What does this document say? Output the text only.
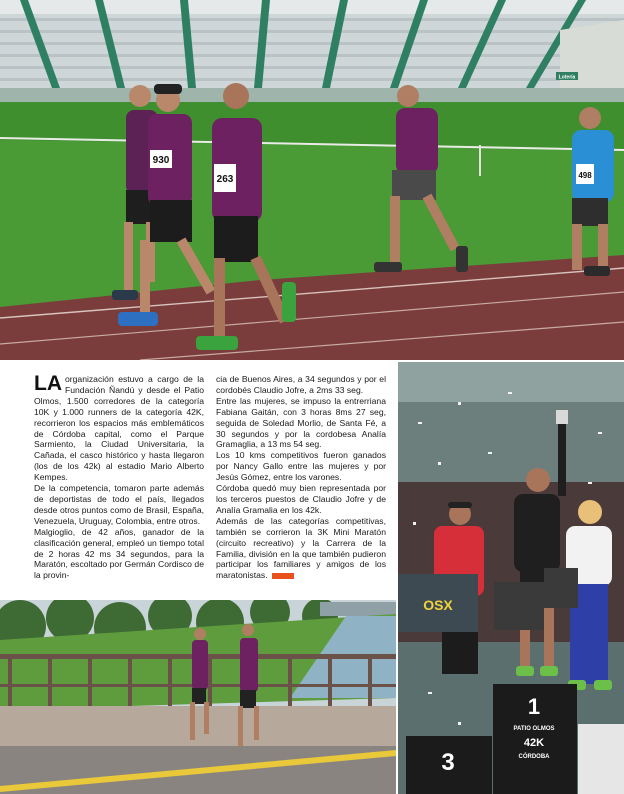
Lotería
930
263	498

LA organización estuvo a cargo de la Fundación Ñandú y desde el Patio Olmos, 1.500 corredores de la categoría 10K y 1.000 runners de la categoría 42K, recorrieron los espacios más emblemáticos de Córdoba capital, como el Parque Sarmiento, la Ciudad Universitaria, la Cañada, el casco histórico y hasta llegaron (los de los 42k) al estadio Mario Alberto Kempes.

De la competencia, tomaron parte además de deportistas de todo el país, llegados desde otros puntos como de Brasil, España, Venezuela, Uruguay, Colombia, entre otros.

Malgioglio, de 42 años, ganador de la clasificación general, empleó un tiempo total de 2 horas 42 ms 34 segundos, para la Maratón, escoltado por Germán Cordisco de la provin-

cia de Buenos Aires, a 34 segundos y por el cordobés Claudio Jofre, a 2ms 33 seg.

Entre las mujeres, se impuso la entrerriana Fabiana Gaitán, con 3 horas 8ms 27 seg, seguida de Soledad Morlio, de Santa Fé, a 30 segundos y por la cordobesa Analía Gramaglia, a 13 ms 54 seg.

Los 10 kms competitivos fueron ganados por Nancy Gallo entre las mujeres y por Jesús Gómez, entre los varones.

Córdoba quedó muy bien representada por los terceros puestos de Claudio Jofre y de Analía Gramalia en los 42k.

Además de las categorías competitivas, también se corrieron la 3K Mini Maratón (circuito recreativo) y la Carrera de la Familia, división en la que también pudieron participar los familiares y amigos de los maratonistas.

OSX
1
PATIO OLMOS
42K
CÓRDOBA
3
